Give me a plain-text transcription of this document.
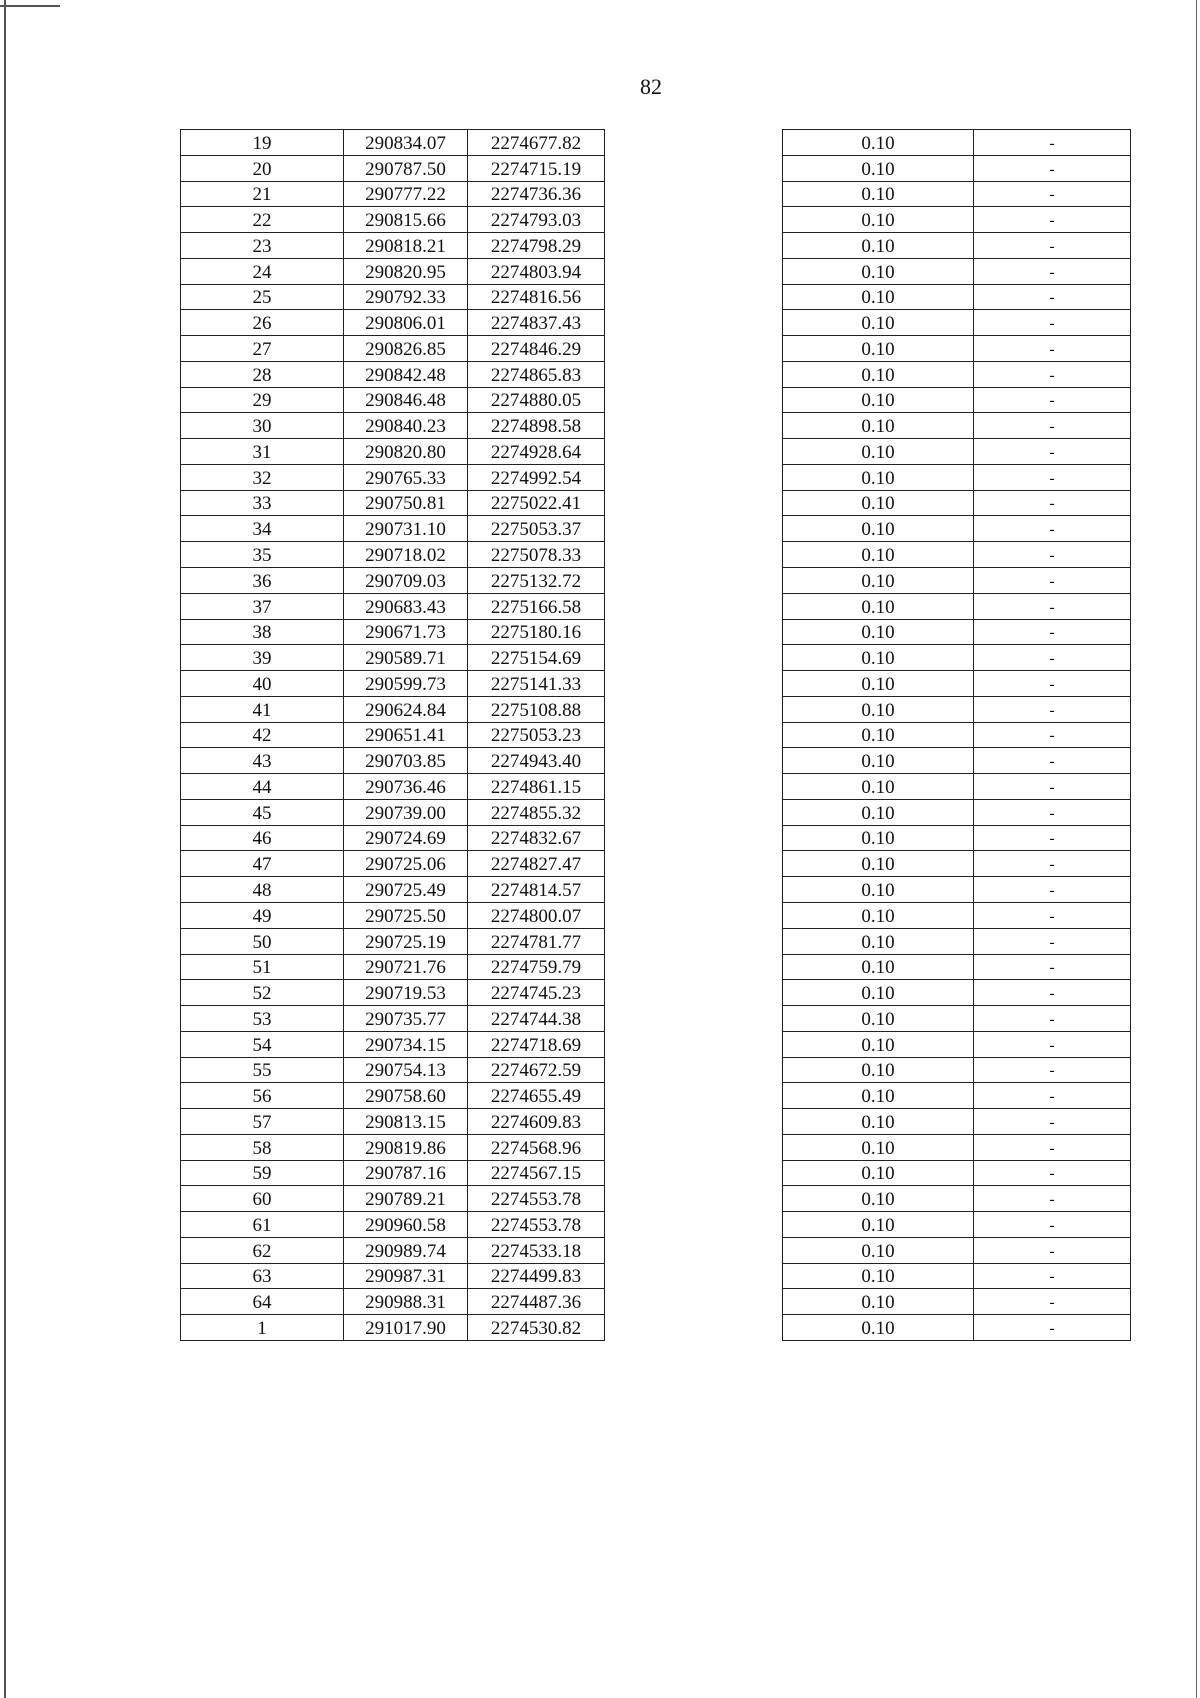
82
19	290834.07	2274677.82		0.10	-
20	290787.50	2274715.19		0.10	-
21	290777.22	2274736.36		0.10	-
22	290815.66	2274793.03		0.10	-
23	290818.21	2274798.29		0.10	-
24	290820.95	2274803.94		0.10	-
25	290792.33	2274816.56		0.10	-
26	290806.01	2274837.43		0.10	-
27	290826.85	2274846.29		0.10	-
28	290842.48	2274865.83		0.10	-
29	290846.48	2274880.05		0.10	-
30	290840.23	2274898.58		0.10	-
31	290820.80	2274928.64		0.10	-
32	290765.33	2274992.54		0.10	-
33	290750.81	2275022.41		0.10	-
34	290731.10	2275053.37		0.10	-
35	290718.02	2275078.33		0.10	-
36	290709.03	2275132.72		0.10	-
37	290683.43	2275166.58		0.10	-
38	290671.73	2275180.16		0.10	-
39	290589.71	2275154.69		0.10	-
40	290599.73	2275141.33		0.10	-
41	290624.84	2275108.88		0.10	-
42	290651.41	2275053.23		0.10	-
43	290703.85	2274943.40		0.10	-
44	290736.46	2274861.15		0.10	-
45	290739.00	2274855.32		0.10	-
46	290724.69	2274832.67		0.10	-
47	290725.06	2274827.47		0.10	-
48	290725.49	2274814.57		0.10	-
49	290725.50	2274800.07		0.10	-
50	290725.19	2274781.77		0.10	-
51	290721.76	2274759.79		0.10	-
52	290719.53	2274745.23		0.10	-
53	290735.77	2274744.38		0.10	-
54	290734.15	2274718.69		0.10	-
55	290754.13	2274672.59		0.10	-
56	290758.60	2274655.49		0.10	-
57	290813.15	2274609.83		0.10	-
58	290819.86	2274568.96		0.10	-
59	290787.16	2274567.15		0.10	-
60	290789.21	2274553.78		0.10	-
61	290960.58	2274553.78		0.10	-
62	290989.74	2274533.18		0.10	-
63	290987.31	2274499.83		0.10	-
64	290988.31	2274487.36		0.10	-
1	291017.90	2274530.82		0.10	-
